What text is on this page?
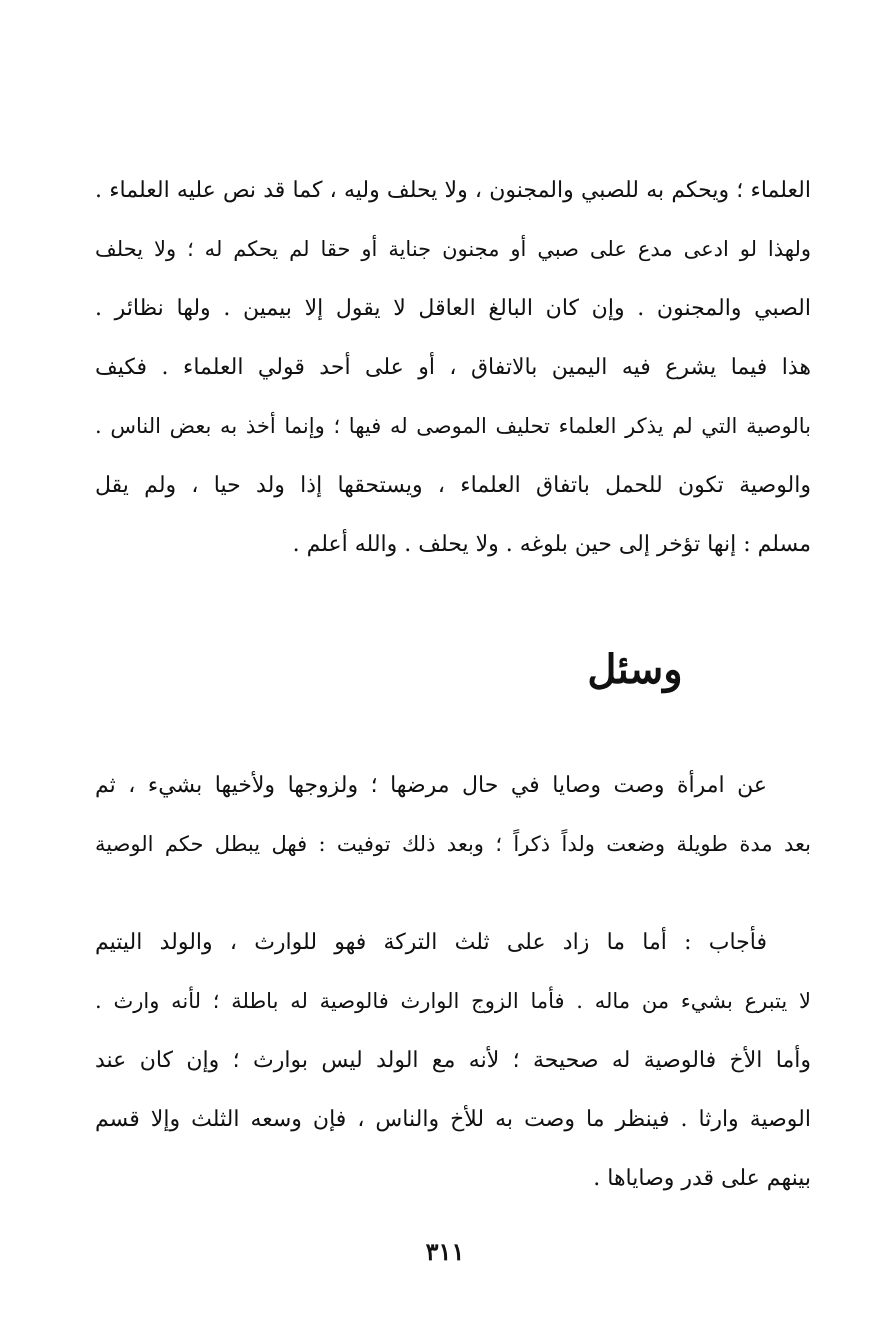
العلماء ؛ ويحكم به للصبي والمجنون ، ولا يحلف وليه ، كما قد نص عليه العلماء .
ولهذا لو ادعى مدع على صبي أو مجنون جناية أو حقا لم يحكم له ؛ ولا يحلف
الصبي والمجنون . وإن كان البالغ العاقل لا يقول إلا بيمين . ولها نظائر .
هذا فيما يشرع فيه اليمين بالاتفاق ، أو على أحد قولي العلماء . فكيف
بالوصية التي لم يذكر العلماء تحليف الموصى له فيها ؛ وإنما أخذ به بعض الناس .
والوصية تكون للحمل باتفاق العلماء ، ويستحقها إذا ولد حيا ، ولم يقل
مسلم : إنها تؤخر إلى حين بلوغه . ولا يحلف . والله أعلم .
وسئل
عن امرأة وصت وصايا في حال مرضها ؛ ولزوجها ولأخيها بشيء ، ثم
بعد مدة طويلة وضعت ولداً ذكراً ؛ وبعد ذلك توفيت : فهل يبطل حكم الوصية
فأجاب : أما ما زاد على ثلث التركة فهو للوارث ، والولد اليتيم
لا يتبرع بشيء من ماله . فأما الزوج الوارث فالوصية له باطلة ؛ لأنه وارث .
وأما الأخ فالوصية له صحيحة ؛ لأنه مع الولد ليس بوارث ؛ وإن كان عند
الوصية وارثا . فينظر ما وصت به للأخ والناس ، فإن وسعه الثلث وإلا قسم
بينهم على قدر وصاياها .
٣١١
